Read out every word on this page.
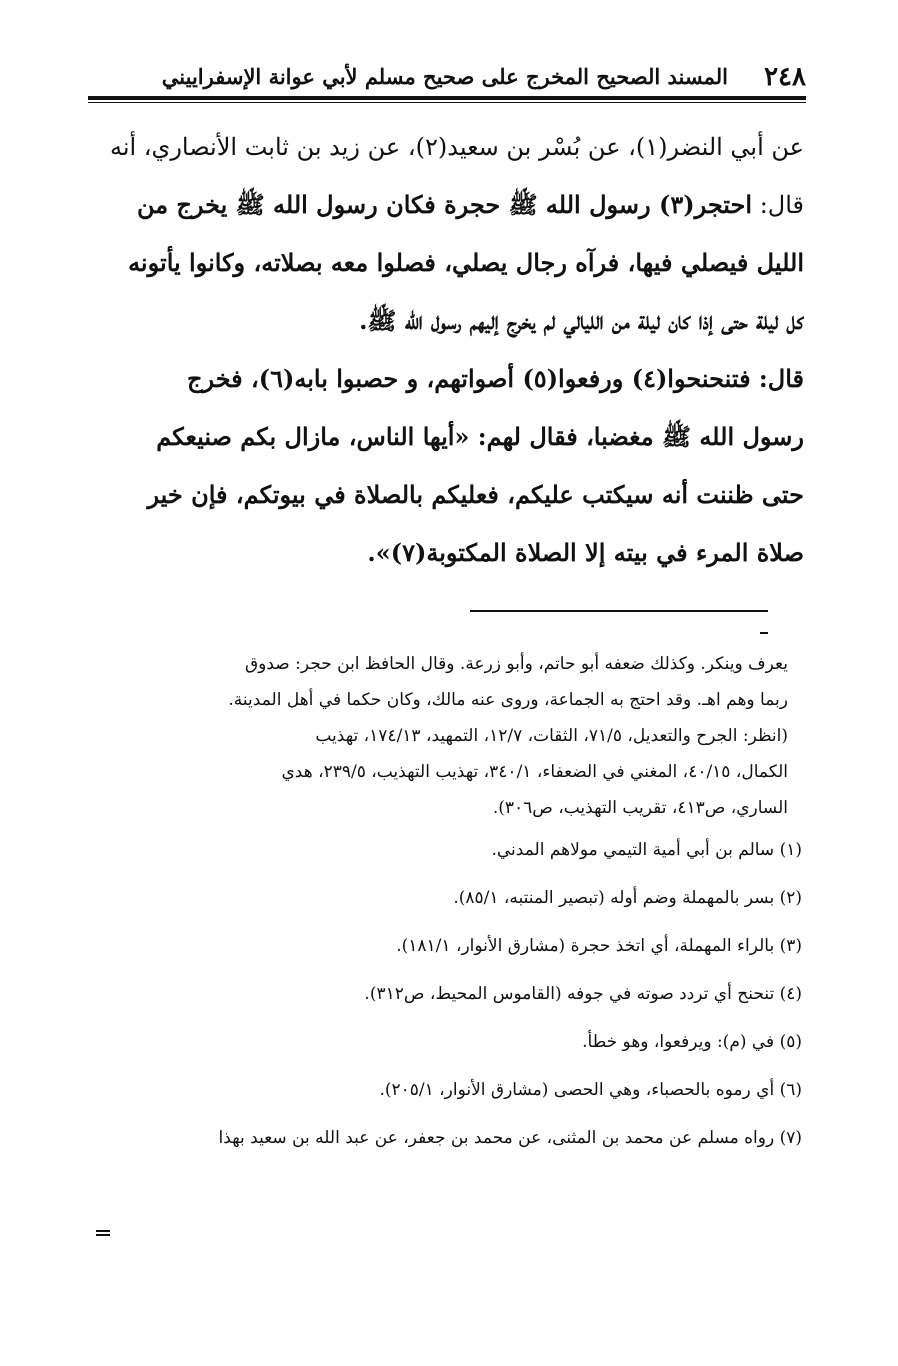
٢٤٨
المسند الصحيح المخرج على صحيح مسلم لأبي عوانة الإسفراييني
عن أبي النضر(١)، عن بُسْر بن سعيد(٢)، عن زيد بن ثابت الأنصاري، أنه
قال: احتجر(٣) رسول الله ﷺ حجرة فكان رسول الله ﷺ يخرج من
الليل فيصلي فيها، فرآه رجال يصلي، فصلوا معه بصلاته، وكانوا يأتونه
كل ليلة حتى إذا كان ليلة من الليالي لم يخرج إليهم رسول الله ﷺ.
قال: فتنحنحوا(٤) ورفعوا(٥) أصواتهم، و حصبوا بابه(٦)، فخرج
رسول الله ﷺ مغضبا، فقال لهم: «أيها الناس، مازال بكم صنيعكم
حتى ظننت أنه سيكتب عليكم، فعليكم بالصلاة في بيوتكم، فإن خير
صلاة المرء في بيته إلا الصلاة المكتوبة(٧)».
يعرف وينكر. وكذلك ضعفه أبو حاتم، وأبو زرعة. وقال الحافظ ابن حجر: صدوق
ربما وهم اهـ. وقد احتج به الجماعة، وروى عنه مالك، وكان حكما في أهل المدينة.
(انظر: الجرح والتعديل، ٧١/٥، الثقات، ١٢/٧، التمهيد، ١٧٤/١٣، تهذيب
الكمال، ٤٠/١٥، المغني في الضعفاء، ٣٤٠/١، تهذيب التهذيب، ٢٣٩/٥، هدي
الساري، ص٤١٣، تقريب التهذيب، ص٣٠٦).
(١) سالم بن أبي أمية التيمي مولاهم المدني.
(٢) بسر بالمهملة وضم أوله (تبصير المنتبه، ٨٥/١).
(٣) بالراء المهملة، أي اتخذ حجرة (مشارق الأنوار، ١٨١/١).
(٤) تنحنح أي تردد صوته في جوفه (القاموس المحيط، ص٣١٢).
(٥) في (م): ويرفعوا، وهو خطأ.
(٦) أي رموه بالحصباء، وهي الحصى (مشارق الأنوار، ٢٠٥/١).
(٧) رواه مسلم عن محمد بن المثنى، عن محمد بن جعفر، عن عبد الله بن سعيد بهذا
